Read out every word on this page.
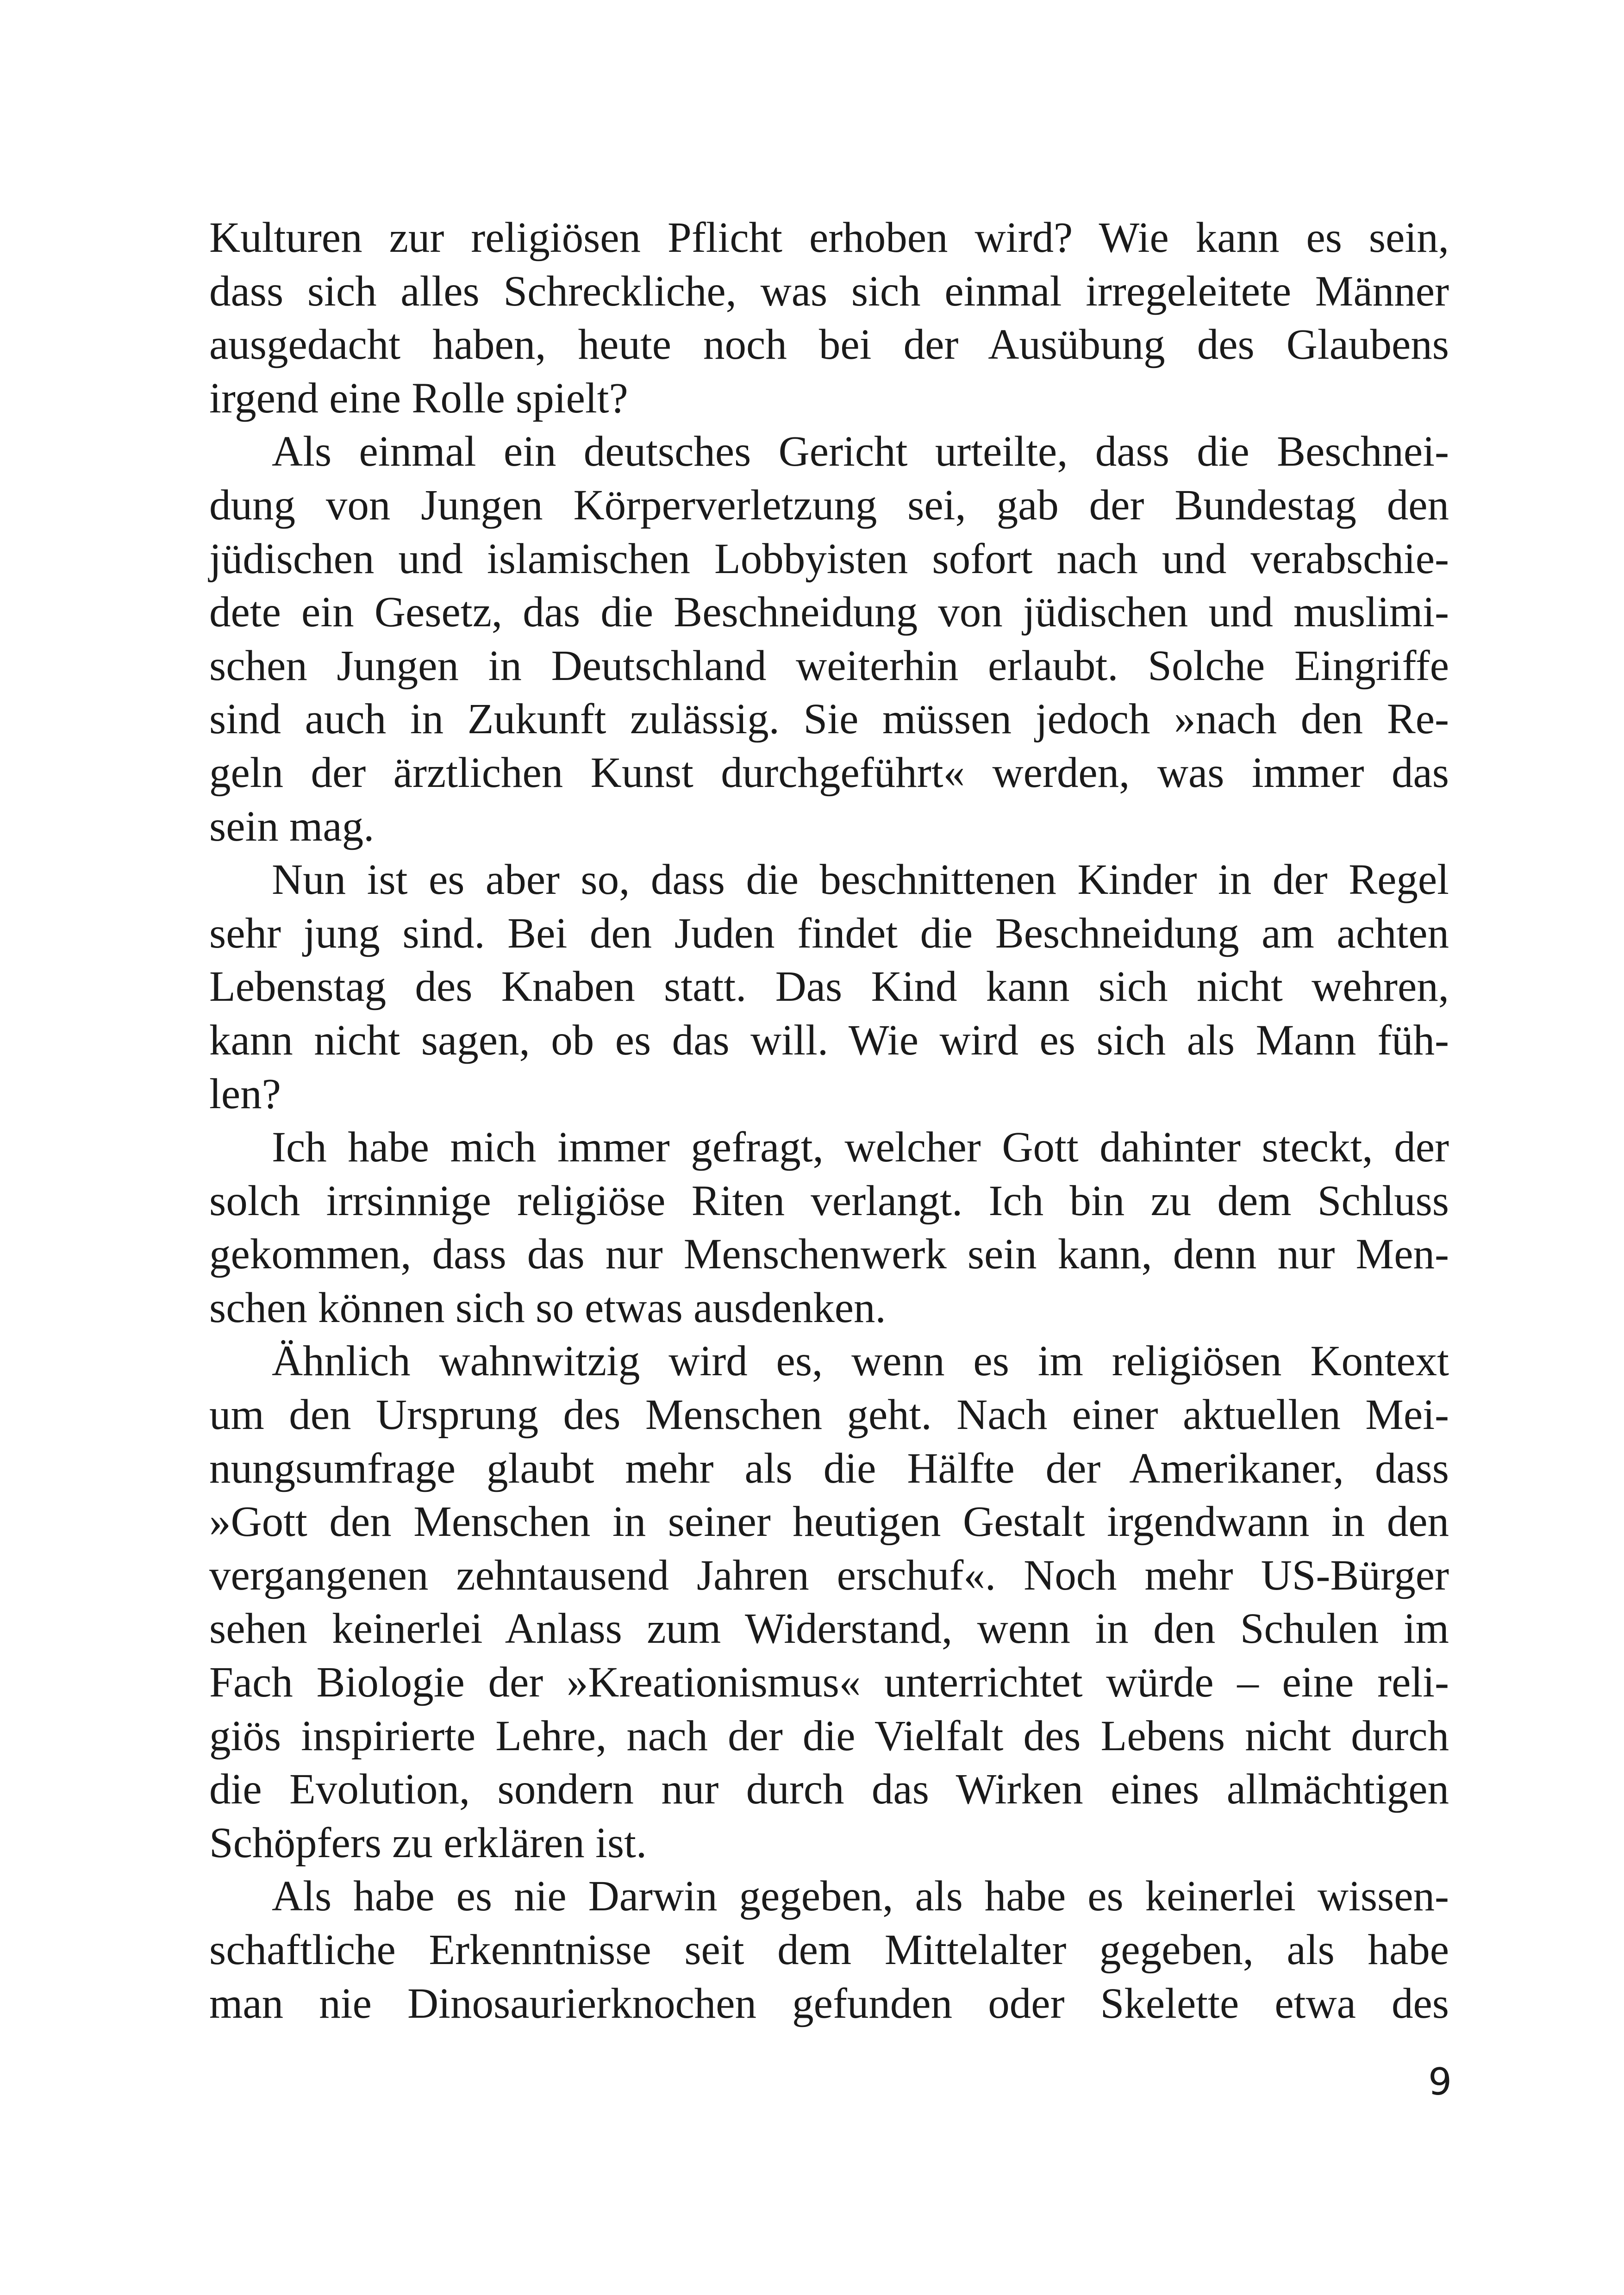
Kulturen zur religiösen Pflicht erhoben wird? Wie kann es sein,
dass sich alles Schreckliche, was sich einmal irregeleitete Männer
ausgedacht haben, heute noch bei der Ausübung des Glaubens
irgend eine Rolle spielt?
Als einmal ein deutsches Gericht urteilte, dass die Beschnei-
dung von Jungen Körperverletzung sei, gab der Bundestag den
jüdischen und islamischen Lobbyisten sofort nach und verabschie-
dete ein Gesetz, das die Beschneidung von jüdischen und muslimi-
schen Jungen in Deutschland weiterhin erlaubt. Solche Eingriffe
sind auch in Zukunft zulässig. Sie müssen jedoch »nach den Re-
geln der ärztlichen Kunst durchgeführt« werden, was immer das
sein mag.
Nun ist es aber so, dass die beschnittenen Kinder in der Regel
sehr jung sind. Bei den Juden findet die Beschneidung am achten
Lebenstag des Knaben statt. Das Kind kann sich nicht wehren,
kann nicht sagen, ob es das will. Wie wird es sich als Mann füh-
len?
Ich habe mich immer gefragt, welcher Gott dahinter steckt, der
solch irrsinnige religiöse Riten verlangt. Ich bin zu dem Schluss
gekommen, dass das nur Menschenwerk sein kann, denn nur Men-
schen können sich so etwas ausdenken.
Ähnlich wahnwitzig wird es, wenn es im religiösen Kontext
um den Ursprung des Menschen geht. Nach einer aktuellen Mei-
nungsumfrage glaubt mehr als die Hälfte der Amerikaner, dass
»Gott den Menschen in seiner heutigen Gestalt irgendwann in den
vergangenen zehntausend Jahren erschuf«. Noch mehr US-Bürger
sehen keinerlei Anlass zum Widerstand, wenn in den Schulen im
Fach Biologie der »Kreationismus« unterrichtet würde – eine reli-
giös inspirierte Lehre, nach der die Vielfalt des Lebens nicht durch
die Evolution, sondern nur durch das Wirken eines allmächtigen
Schöpfers zu erklären ist.
Als habe es nie Darwin gegeben, als habe es keinerlei wissen-
schaftliche Erkenntnisse seit dem Mittelalter gegeben, als habe
man nie Dinosaurierknochen gefunden oder Skelette etwa des
9
